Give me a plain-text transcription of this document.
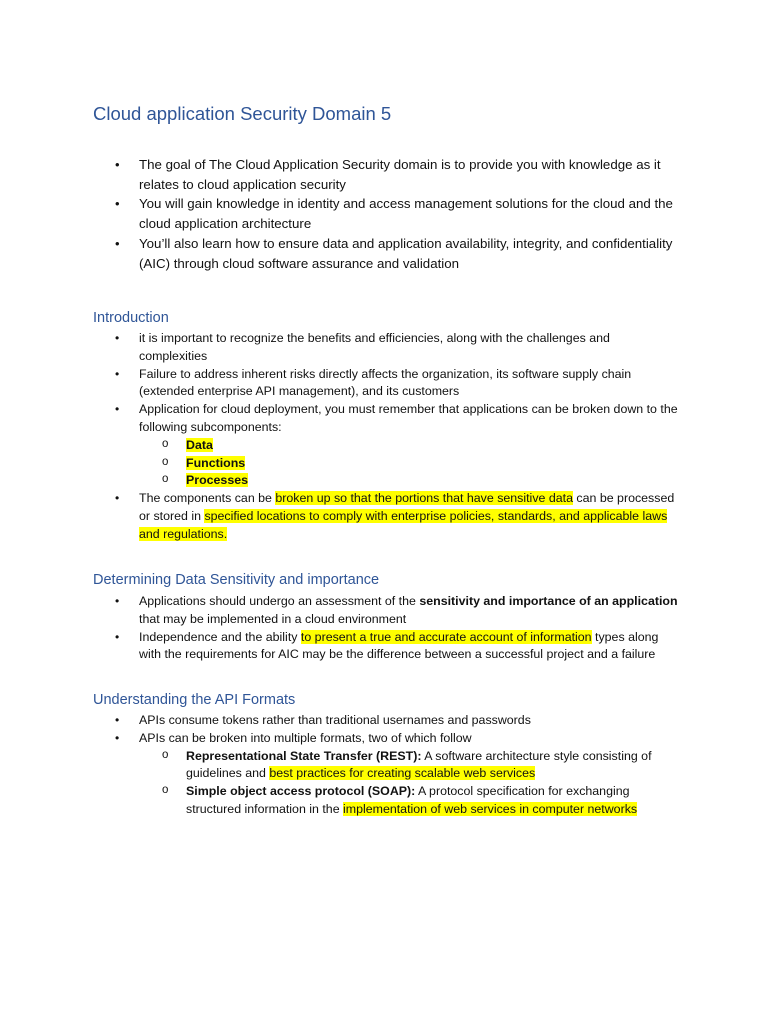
Cloud application Security Domain 5
• The goal of The Cloud Application Security domain is to provide you with knowledge as it relates to cloud application security
• You will gain knowledge in identity and access management solutions for the cloud and the cloud application architecture
• You’ll also learn how to ensure data and application availability, integrity, and confidentiality (AIC) through cloud software assurance and validation
Introduction
• it is important to recognize the benefits and efficiencies, along with the challenges and complexities
• Failure to address inherent risks directly affects the organization, its software supply chain (extended enterprise API management), and its customers
• Application for cloud deployment, you must remember that applications can be broken down to the following subcomponents:
o Data
o Functions
o Processes
• The components can be broken up so that the portions that have sensitive data can be processed or stored in specified locations to comply with enterprise policies, standards, and applicable laws and regulations.
Determining Data Sensitivity and importance
• Applications should undergo an assessment of the sensitivity and importance of an application that may be implemented in a cloud environment
• Independence and the ability to present a true and accurate account of information types along with the requirements for AIC may be the difference between a successful project and a failure
Understanding the API Formats
• APIs consume tokens rather than traditional usernames and passwords
• APIs can be broken into multiple formats, two of which follow
o Representational State Transfer (REST): A software architecture style consisting of guidelines and best practices for creating scalable web services
o Simple object access protocol (SOAP): A protocol specification for exchanging structured information in the implementation of web services in computer networks
